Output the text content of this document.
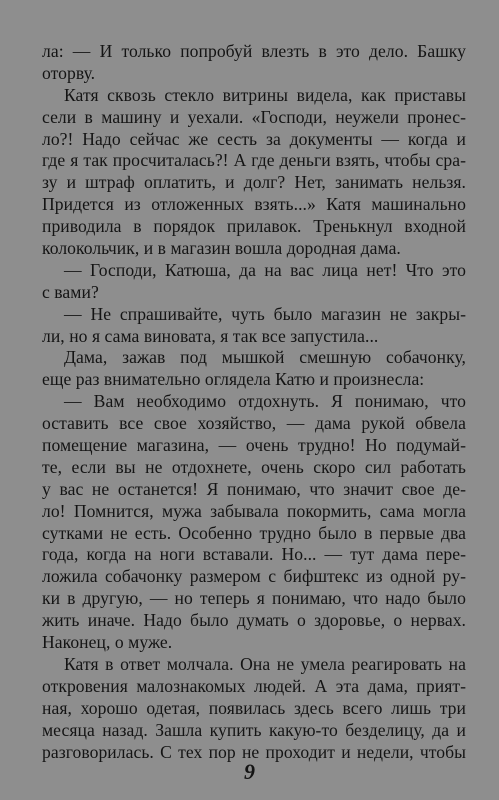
ла: — И только попробуй влезть в это дело. Башку
оторву.
Катя сквозь стекло витрины видела, как приставы
сели в машину и уехали. «Господи, неужели пронес-
ло?! Надо сейчас же сесть за документы — когда и
где я так просчиталась?! А где деньги взять, чтобы сра-
зу и штраф оплатить, и долг? Нет, занимать нельзя.
Придется из отложенных взять...» Катя машинально
приводила в порядок прилавок. Тренькнул входной
колокольчик, и в магазин вошла дородная дама.
— Господи, Катюша, да на вас лица нет! Что это
с вами?
— Не спрашивайте, чуть было магазин не закры-
ли, но я сама виновата, я так все запустила...
Дама, зажав под мышкой смешную собачонку,
еще раз внимательно оглядела Катю и произнесла:
— Вам необходимо отдохнуть. Я понимаю, что
оставить все свое хозяйство, — дама рукой обвела
помещение магазина, — очень трудно! Но подумай-
те, если вы не отдохнете, очень скоро сил работать
у вас не останется! Я понимаю, что значит свое де-
ло! Помнится, мужа забывала покормить, сама могла
сутками не есть. Особенно трудно было в первые два
года, когда на ноги вставали. Но... — тут дама пере-
ложила собачонку размером с бифштекс из одной ру-
ки в другую, — но теперь я понимаю, что надо было
жить иначе. Надо было думать о здоровье, о нервах.
Наконец, о муже.
Катя в ответ молчала. Она не умела реагировать на
откровения малознакомых людей. А эта дама, прият-
ная, хорошо одетая, появилась здесь всего лишь три
месяца назад. Зашла купить какую-то безделицу, да и
разговорилась. С тех пор не проходит и недели, чтобы
9
